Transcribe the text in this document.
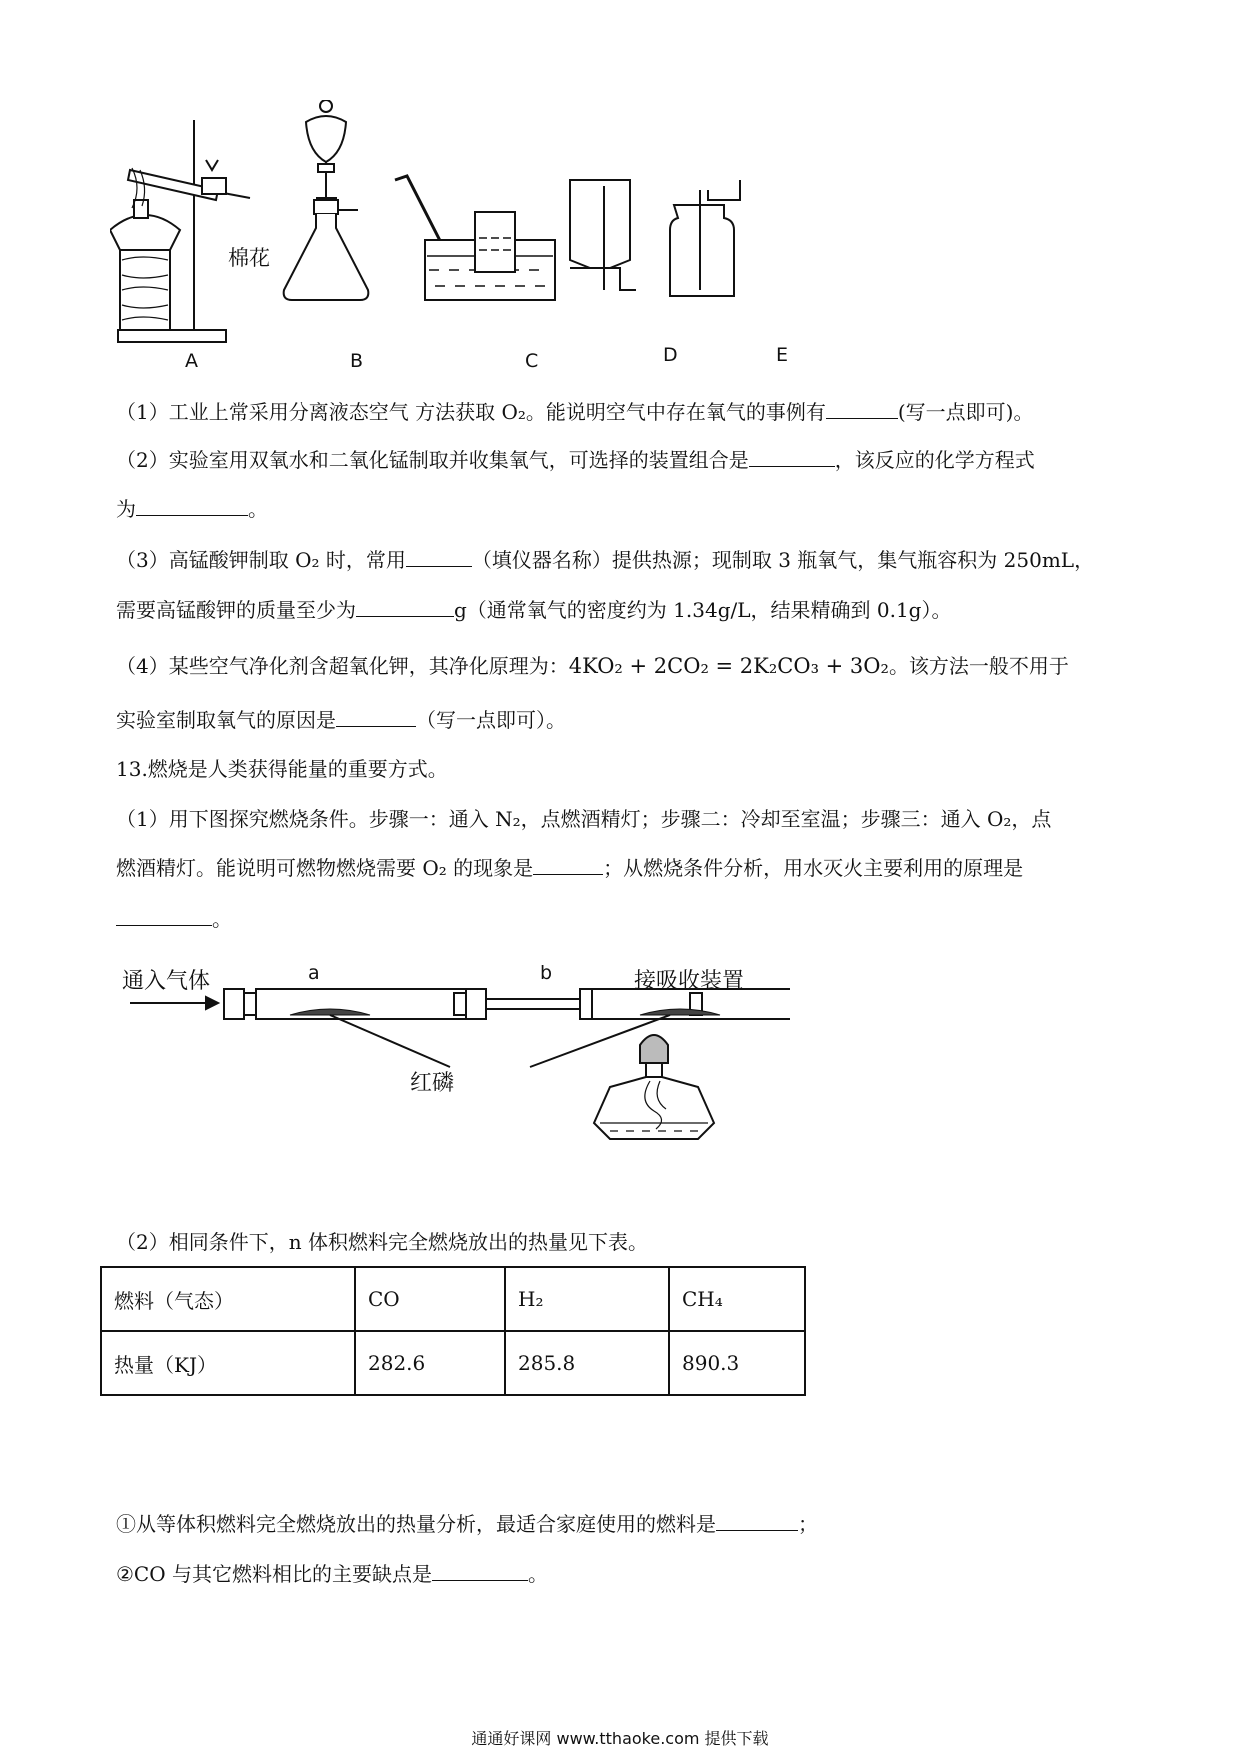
A	B	C	D	E
棉花
（1）工业上常采用分离液态空气 方法获取 O₂。能说明空气中存在氧气的事例有	(写一点即可)。
（2）实验室用双氧水和二氧化锰制取并收集氧气，可选择的装置组合是	，该反应的化学方程式
为	。
（3）高锰酸钾制取 O₂ 时，常用	（填仪器名称）提供热源；现制取 3 瓶氧气，集气瓶容积为 250mL，
需要高锰酸钾的质量至少为	g（通常氧气的密度约为 1.34g/L，结果精确到 0.1g）。
（4）某些空气净化剂含超氧化钾，其净化原理为：4KO₂ + 2CO₂ = 2K₂CO₃ + 3O₂。该方法一般不用于
实验室制取氧气的原因是	（写一点即可）。
13.燃烧是人类获得能量的重要方式。
（1）用下图探究燃烧条件。步骤一：通入 N₂，点燃酒精灯；步骤二：冷却至室温；步骤三：通入 O₂，点
燃酒精灯。能说明可燃物燃烧需要 O₂ 的现象是	；从燃烧条件分析，用水灭火主要利用的原理是
。
通入气体	接吸收装置
a	b
红磷
（2）相同条件下，n 体积燃料完全燃烧放出的热量见下表。
燃料（气态）	CO	H₂	CH₄
热量（KJ）	282.6	285.8	890.3
①从等体积燃料完全燃烧放出的热量分析，最适合家庭使用的燃料是	；
②CO 与其它燃料相比的主要缺点是	。
通通好课网 www.tthaoke.com 提供下载
